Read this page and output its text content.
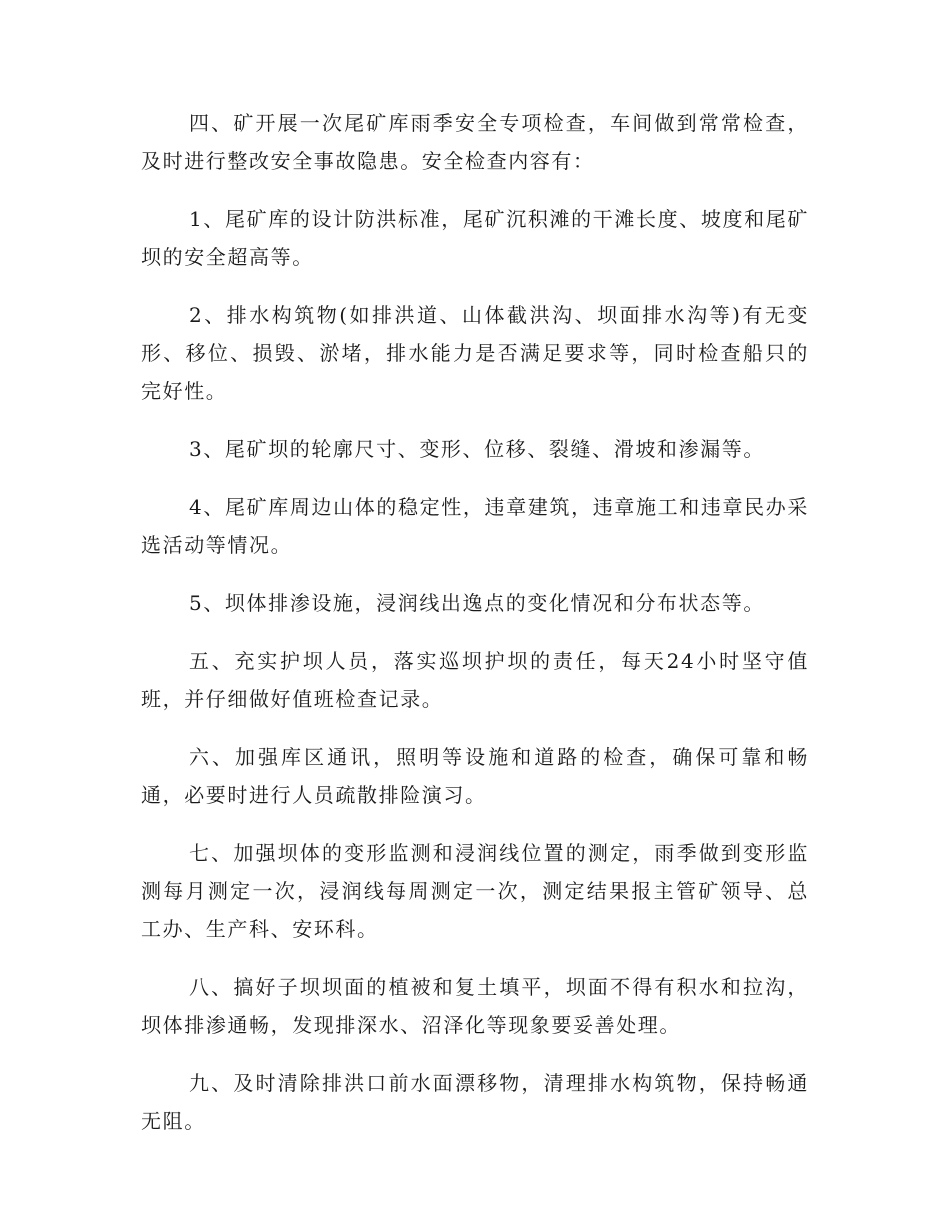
四、矿开展一次尾矿库雨季安全专项检查，车间做到常常检查，及时进行整改安全事故隐患。安全检查内容有：

1、尾矿库的设计防洪标准，尾矿沉积滩的干滩长度、坡度和尾矿坝的安全超高等。

2、排水构筑物(如排洪道、山体截洪沟、坝面排水沟等)有无变形、移位、损毁、淤堵，排水能力是否满足要求等，同时检查船只的完好性。

3、尾矿坝的轮廓尺寸、变形、位移、裂缝、滑坡和渗漏等。

4、尾矿库周边山体的稳定性，违章建筑，违章施工和违章民办采选活动等情况。

5、坝体排渗设施，浸润线出逸点的变化情况和分布状态等。

五、充实护坝人员，落实巡坝护坝的责任，每天24小时坚守值班，并仔细做好值班检查记录。

六、加强库区通讯，照明等设施和道路的检查，确保可靠和畅通，必要时进行人员疏散排险演习。

七、加强坝体的变形监测和浸润线位置的测定，雨季做到变形监测每月测定一次，浸润线每周测定一次，测定结果报主管矿领导、总工办、生产科、安环科。

八、搞好子坝坝面的植被和复土填平，坝面不得有积水和拉沟，坝体排渗通畅，发现排深水、沼泽化等现象要妥善处理。

九、及时清除排洪口前水面漂移物，清理排水构筑物，保持畅通无阻。
